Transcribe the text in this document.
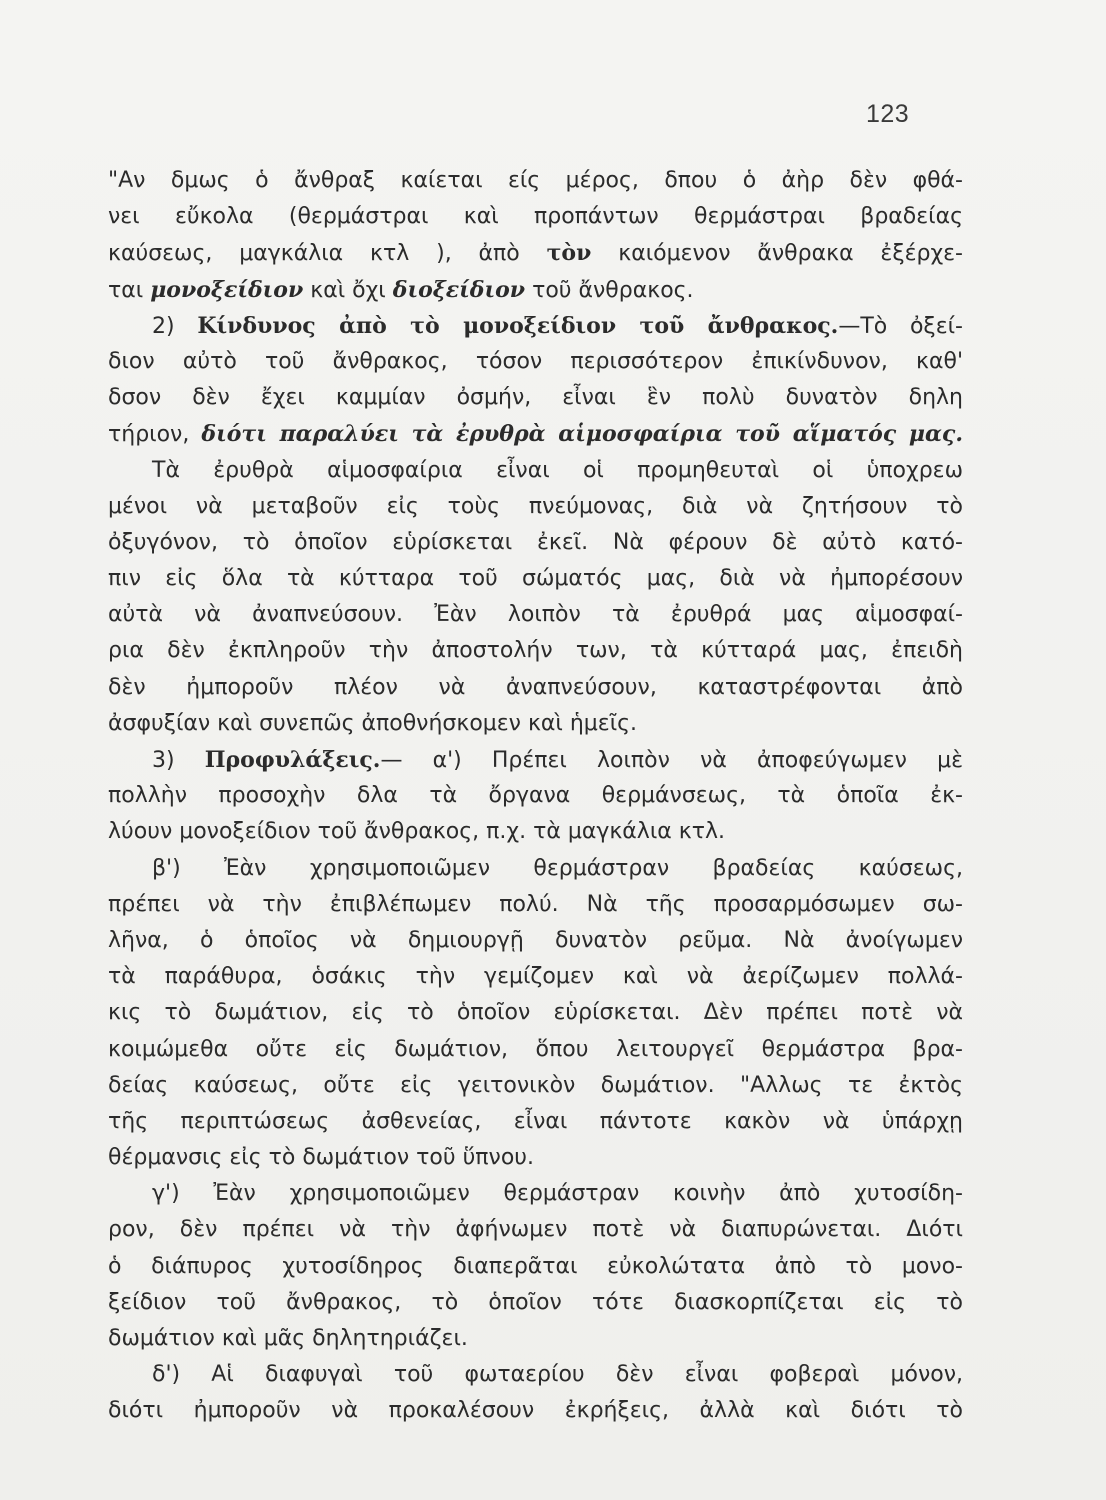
123
"Αν δμως ὁ ἄνθραξ καίεται είς μέρος, δπου ὁ ἀὴρ δὲν φθά-
νει εὔκολα (θερμάστραι καὶ προπάντων θερμάστραι βραδείας
καύσεως, μαγκάλια κτλ ), ἀπὸ τὸν καιόμενον ἄνθρακα ἐξέρχε-
ται μονοξείδιον καὶ ὄχι διοξείδιον τοῦ ἄνθρακος.
2) Κίνδυνος ἀπὸ τὸ μονοξείδιον τοῦ ἄνθρακος.—Τὸ ὀξεί-
διον αὐτὸ τοῦ ἄνθρακος, τόσον περισσότερον ἐπικίνδυνον, καθ'
δσον δὲν ἔχει καμμίαν ὀσμήν, εἶναι ἓν πολὺ δυνατὸν δηλη
τήριον, διότι παραλύει τὰ ἐρυθρὰ αἱμοσφαίρια τοῦ αἵματός μας.
Τὰ ἐρυθρὰ αἱμοσφαίρια εἶναι οἱ προμηθευταὶ οἱ ὑποχρεω
μένοι νὰ μεταβοῦν εἰς τοὺς πνεύμονας, διὰ νὰ ζητήσουν τὸ
ὀξυγόνον, τὸ ὁποῖον εὑρίσκεται ἐκεῖ. Νὰ φέρουν δὲ αὐτὸ κατό-
πιν εἰς ὅλα τὰ κύτταρα τοῦ σώματός μας, διὰ νὰ ἠμπορέσουν
αὐτὰ νὰ ἀναπνεύσουν. Ἐὰν λοιπὸν τὰ ἐρυθρά μας αἱμοσφαί-
ρια δὲν ἐκπληροῦν τὴν ἀποστολήν των, τὰ κύτταρά μας, ἐπειδὴ
δὲν ἠμποροῦν πλέον νὰ ἀναπνεύσουν, καταστρέφονται ἀπὸ
ἀσφυξίαν καὶ συνεπῶς ἀποθνήσκομεν καὶ ἡμεῖς.
3) Προφυλάξεις.— α') Πρέπει λοιπὸν νὰ ἀποφεύγωμεν μὲ
πολλὴν προσοχὴν δλα τὰ ὄργανα θερμάνσεως, τὰ ὁποῖα ἐκ-
λύουν μονοξείδιον τοῦ ἄνθρακος, π.χ. τὰ μαγκάλια κτλ.
β') Ἐὰν χρησιμοποιῶμεν θερμάστραν βραδείας καύσεως,
πρέπει νὰ τὴν ἐπιβλέπωμεν πολύ. Νὰ τῆς προσαρμόσωμεν σω-
λῆνα, ὁ ὁποῖος νὰ δημιουργῇ δυνατὸν ρεῦμα. Νὰ ἀνοίγωμεν
τὰ παράθυρα, ὁσάκις τὴν γεμίζομεν καὶ νὰ ἀερίζωμεν πολλά-
κις τὸ δωμάτιον, εἰς τὸ ὁποῖον εὑρίσκεται. Δὲν πρέπει ποτὲ νὰ
κοιμώμεθα οὔτε εἰς δωμάτιον, ὅπου λειτουργεῖ θερμάστρα βρα-
δείας καύσεως, οὔτε εἰς γειτονικὸν δωμάτιον. "Αλλως τε ἐκτὸς
τῆς περιπτώσεως ἀσθενείας, εἶναι πάντοτε κακὸν νὰ ὑπάρχῃ
θέρμανσις εἰς τὸ δωμάτιον τοῦ ὕπνου.
γ') Ἐὰν χρησιμοποιῶμεν θερμάστραν κοινὴν ἀπὸ χυτοσίδη-
ρον, δὲν πρέπει νὰ τὴν ἀφήνωμεν ποτὲ νὰ διαπυρώνεται. Διότι
ὁ διάπυρος χυτοσίδηρος διαπερᾶται εὐκολώτατα ἀπὸ τὸ μονο-
ξείδιον τοῦ ἄνθρακος, τὸ ὁποῖον τότε διασκορπίζεται εἰς τὸ
δωμάτιον καὶ μᾶς δηλητηριάζει.
δ') Αἱ διαφυγαὶ τοῦ φωταερίου δὲν εἶναι φοβεραὶ μόνον,
διότι ἠμποροῦν νὰ προκαλέσουν ἐκρήξεις, ἀλλὰ καὶ διότι τὸ
